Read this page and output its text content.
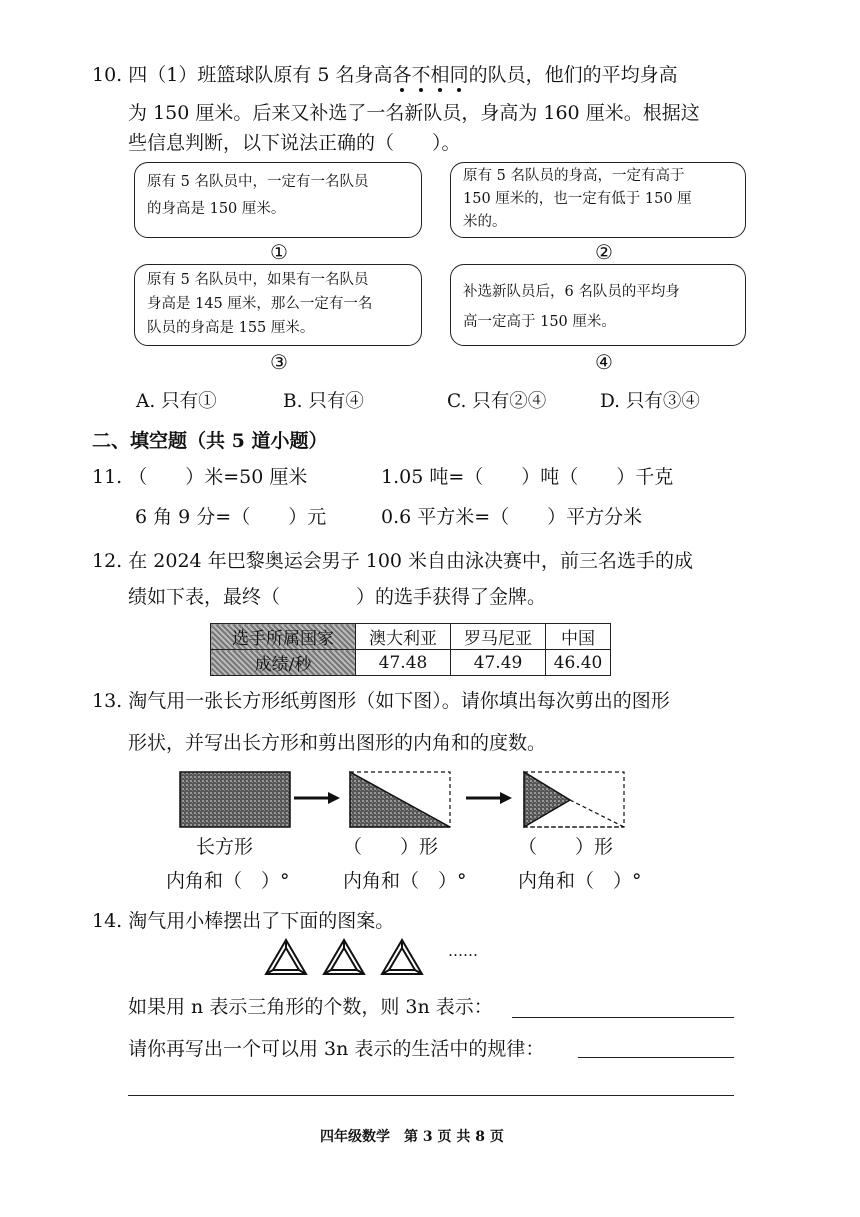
10. 四（1）班篮球队原有 5 名身高各不相同的队员，他们的平均身高
为 150 厘米。后来又补选了一名新队员，身高为 160 厘米。根据这
些信息判断，以下说法正确的（　　）。
原有 5 名队员中，一定有一名队员
的身高是 150 厘米。
①
原有 5 名队员的身高，一定有高于
150 厘米的，也一定有低于 150 厘
米的。
②
原有 5 名队员中，如果有一名队员
身高是 145 厘米，那么一定有一名
队员的身高是 155 厘米。
③
补选新队员后，6 名队员的平均身
高一定高于 150 厘米。
④
A. 只有①	B. 只有④	C. 只有②④	D. 只有③④
二、填空题（共 5 道小题）
11. （　　）米=50 厘米	1.05 吨=（　　）吨（　　）千克
6 角 9 分=（　　）元	0.6 平方米=（　　）平方分米
12. 在 2024 年巴黎奥运会男子 100 米自由泳决赛中，前三名选手的成
绩如下表，最终（　　　　）的选手获得了金牌。
选手所属国家	澳大利亚	罗马尼亚	中国
成绩/秒	47.48	47.49	46.40
13. 淘气用一张长方形纸剪图形（如下图）。请你填出每次剪出的图形
形状，并写出长方形和剪出图形的内角和的度数。
长方形	（　　）形	（　　）形
内角和（　）°	内角和（　）°	内角和（　）°
14. 淘气用小棒摆出了下面的图案。
……
如果用 n 表示三角形的个数，则 3n 表示：
请你再写出一个可以用 3n 表示的生活中的规律：
四年级数学　第 3 页 共 8 页
